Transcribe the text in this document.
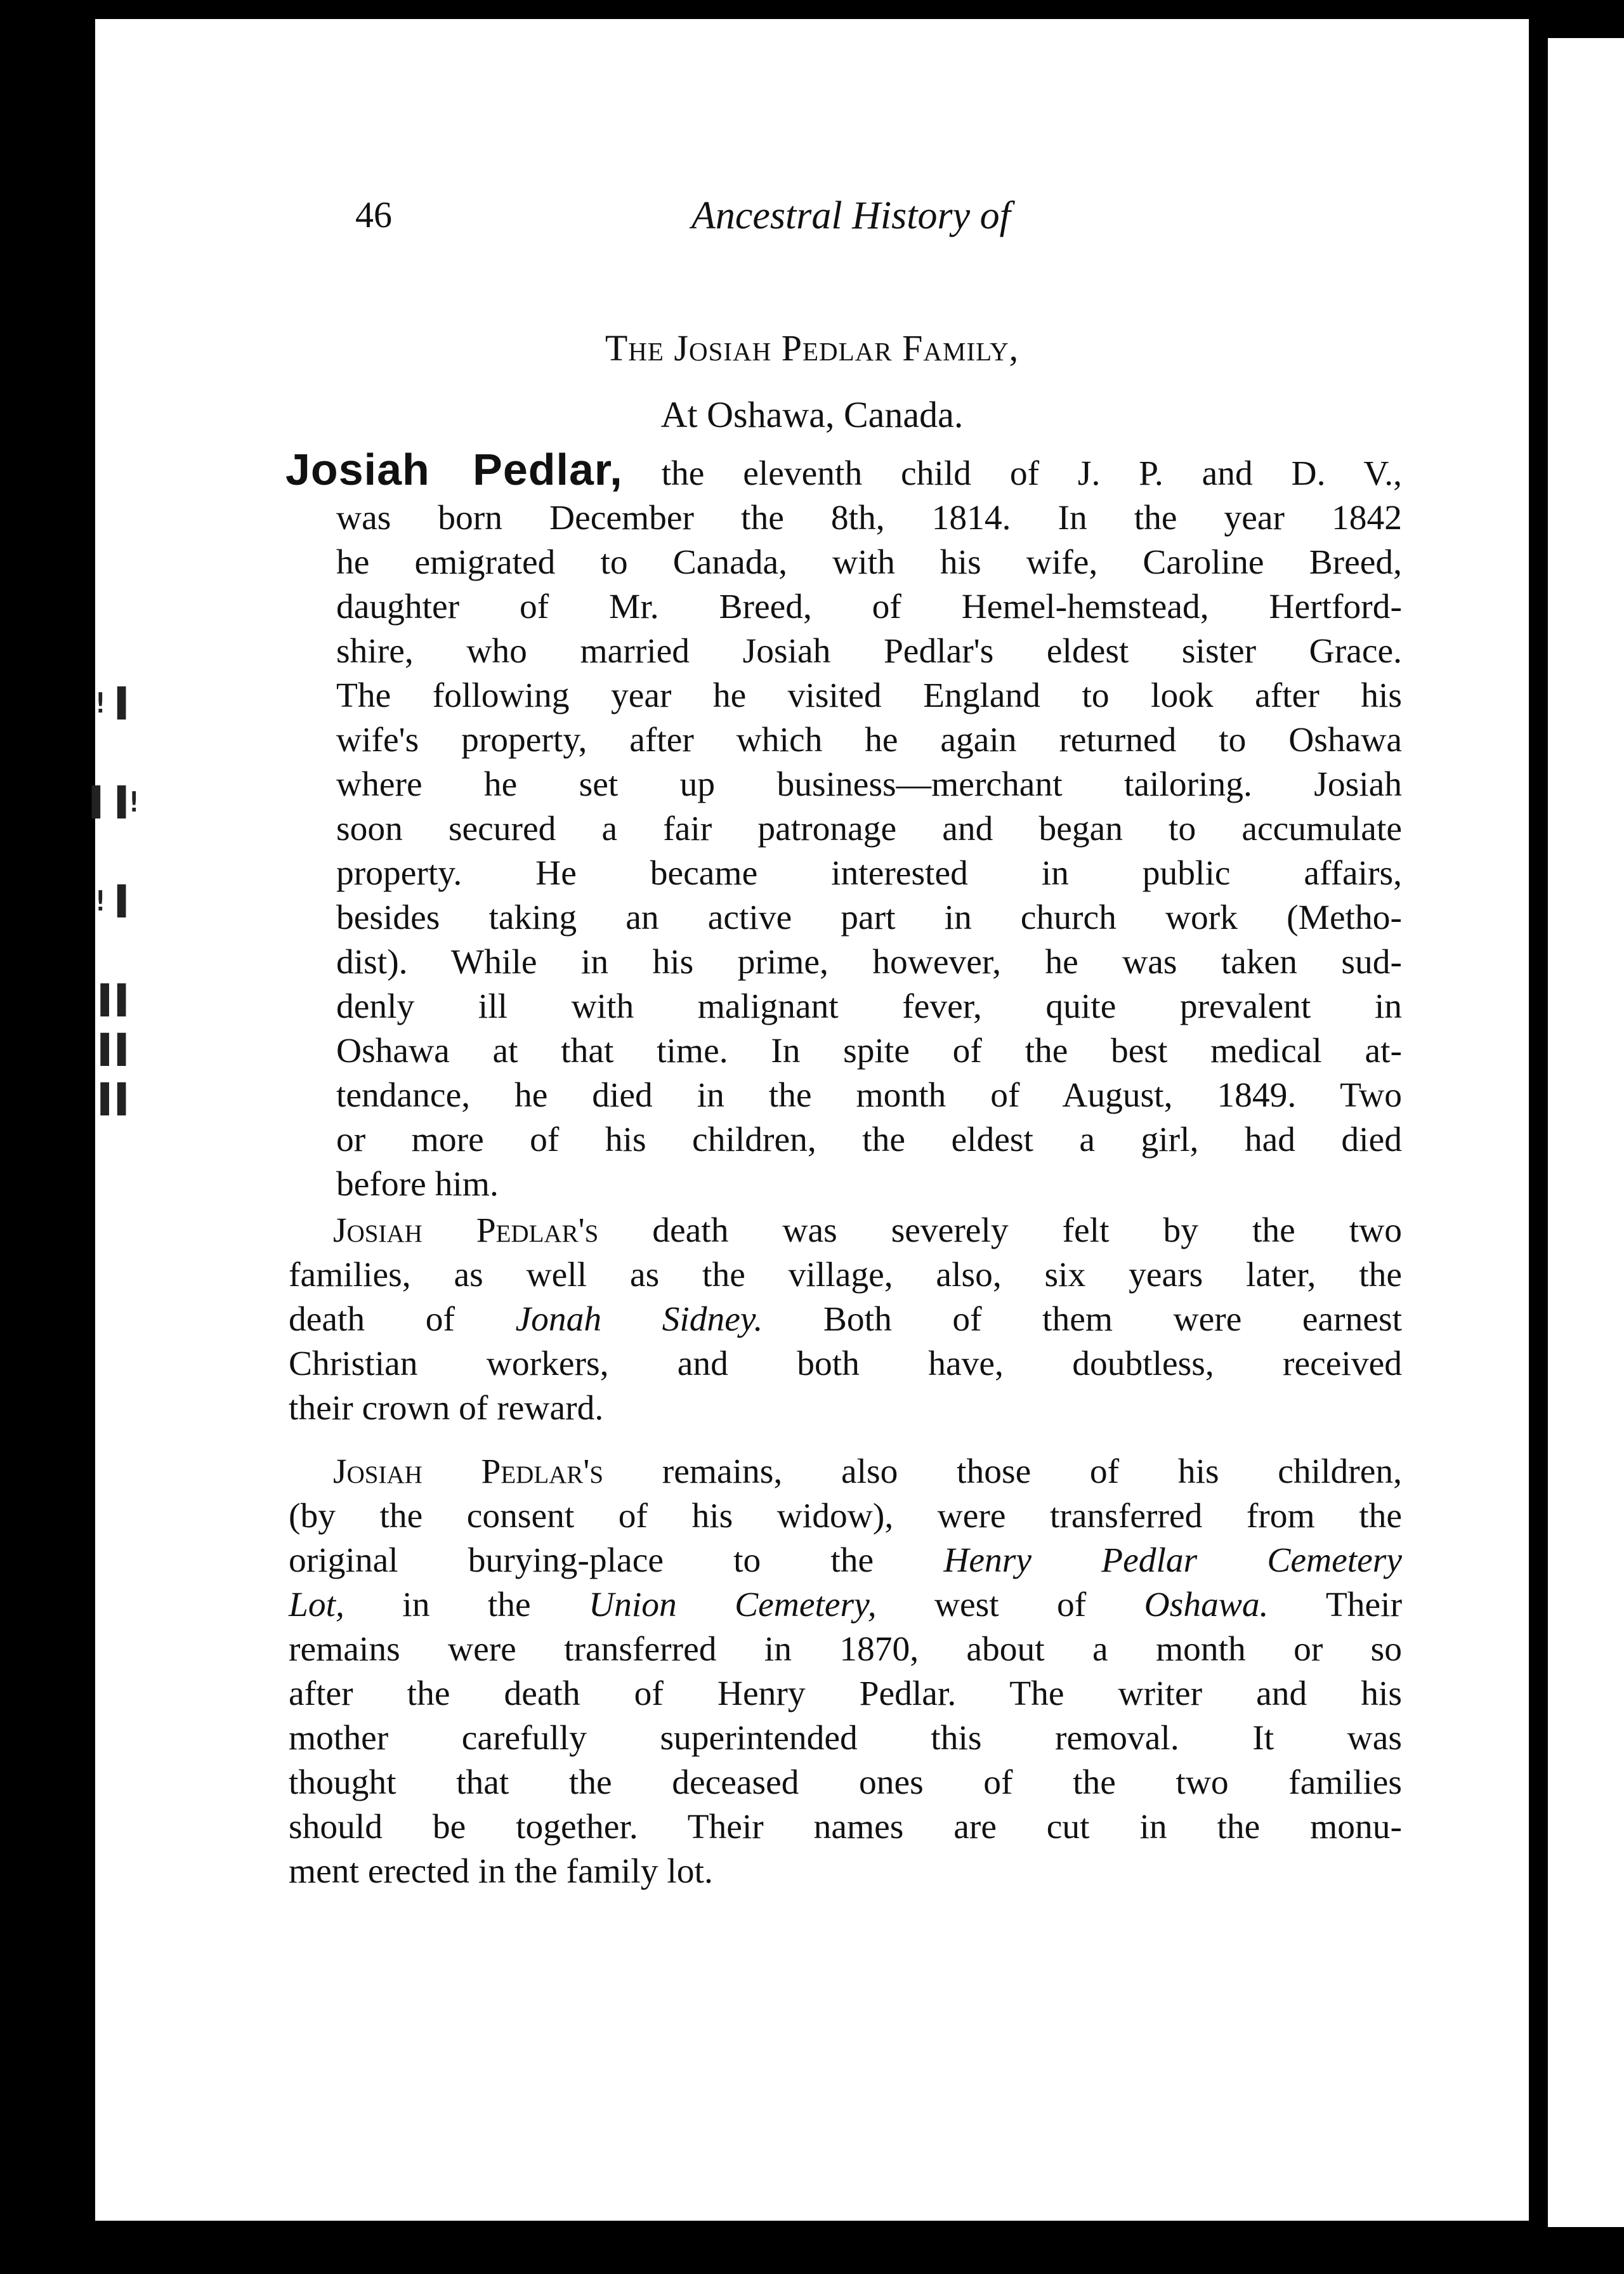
!▐

▌▐!

!▐

▐▐
▐▐
▐▐
46	Ancestral History of
The Josiah Pedlar Family,
At Oshawa, Canada.
Josiah Pedlar, the eleventh child of J. P. and D. V.,
was born December the 8th, 1814. In the year 1842
he emigrated to Canada, with his wife, Caroline Breed,
daughter of Mr. Breed, of Hemel-hemstead, Hertford-
shire, who married Josiah Pedlar's eldest sister Grace.
The following year he visited England to look after his
wife's property, after which he again returned to Oshawa
where he set up business—merchant tailoring. Josiah
soon secured a fair patronage and began to accumulate
property. He became interested in public affairs,
besides taking an active part in church work (Metho-
dist). While in his prime, however, he was taken sud-
denly ill with malignant fever, quite prevalent in
Oshawa at that time. In spite of the best medical at-
tendance, he died in the month of August, 1849. Two
or more of his children, the eldest a girl, had died
before him.
Josiah Pedlar's death was severely felt by the two
families, as well as the village, also, six years later, the
death of Jonah Sidney. Both of them were earnest
Christian workers, and both have, doubtless, received
their crown of reward.
Josiah Pedlar's remains, also those of his children,
(by the consent of his widow), were transferred from the
original burying-place to the Henry Pedlar Cemetery
Lot, in the Union Cemetery, west of Oshawa. Their
remains were transferred in 1870, about a month or so
after the death of Henry Pedlar. The writer and his
mother carefully superintended this removal. It was
thought that the deceased ones of the two families
should be together. Their names are cut in the monu-
ment erected in the family lot.
